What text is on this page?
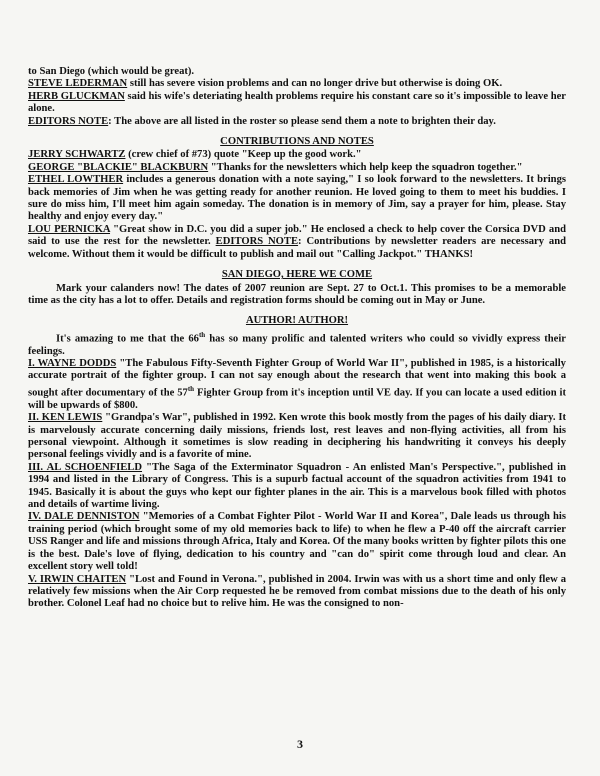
to San Diego (which would be great).

STEVE LEDERMAN still has severe vision problems and can no longer drive but otherwise is doing OK.

HERB GLUCKMAN said his wife's deteriating health problems require his constant care so it's impossible to leave her alone.

EDITORS NOTE: The above are all listed in the roster so please send them a note to brighten their day.

CONTRIBUTIONS AND NOTES

JERRY SCHWARTZ (crew chief of #73) quote "Keep up the good work."

GEORGE "BLACKIE" BLACKBURN "Thanks for the newsletters which help keep the squadron together."

ETHEL LOWTHER includes a generous donation with a note saying," I so look forward to the newsletters. It brings back memories of Jim when he was getting ready for another reunion. He loved going to them to meet his buddies. I sure do miss him, I'll meet him again someday. The donation is in memory of Jim, say a prayer for him, please. Stay healthy and enjoy every day."

LOU PERNICKA "Great show in D.C. you did a super job." He enclosed a check to help cover the Corsica DVD and said to use the rest for the newsletter. EDITORS NOTE: Contributions by newsletter readers are necessary and welcome. Without them it would be difficult to publish and mail out "Calling Jackpot." THANKS!

SAN DIEGO, HERE WE COME

Mark your calanders now! The dates of 2007 reunion are Sept. 27 to Oct.1. This promises to be a memorable time as the city has a lot to offer. Details and registration forms should be coming out in May or June.

AUTHOR! AUTHOR!

It's amazing to me that the 66th has so many prolific and talented writers who could so vividly express their feelings.

I. WAYNE DODDS "The Fabulous Fifty-Seventh Fighter Group of World War II", published in 1985, is a historically accurate portrait of the fighter group. I can not say enough about the research that went into making this book a sought after documentary of the 57th Fighter Group from it's inception until VE day. If you can locate a used edition it will be upwards of $800.

II. KEN LEWIS "Grandpa's War", published in 1992. Ken wrote this book mostly from the pages of his daily diary. It is marvelously accurate concerning daily missions, friends lost, rest leaves and non-flying activities, all from his personal viewpoint. Although it sometimes is slow reading in deciphering his handwriting it conveys his deeply personal feelings vividly and is a favorite of mine.

III. AL SCHOENFIELD "The Saga of the Exterminator Squadron - An enlisted Man's Perspective.", published in 1994 and listed in the Library of Congress. This is a supurb factual account of the squadron activities from 1941 to 1945. Basically it is about the guys who kept our fighter planes in the air. This is a marvelous book filled with photos and details of wartime living.

IV. DALE DENNISTON "Memories of a Combat Fighter Pilot - World War II and Korea", Dale leads us through his training period (which brought some of my old memories back to life) to when he flew a P-40 off the aircraft carrier USS Ranger and life and missions through Africa, Italy and Korea. Of the many books written by fighter pilots this one is the best. Dale's love of flying, dedication to his country and "can do" spirit come through loud and clear. An excellent story well told!

V. IRWIN CHAITEN "Lost and Found in Verona.", published in 2004. Irwin was with us a short time and only flew a relatively few missions when the Air Corp requested he be removed from combat missions due to the death of his only brother. Colonel Leaf had no choice but to relive him. He was the consigned to non-

3
